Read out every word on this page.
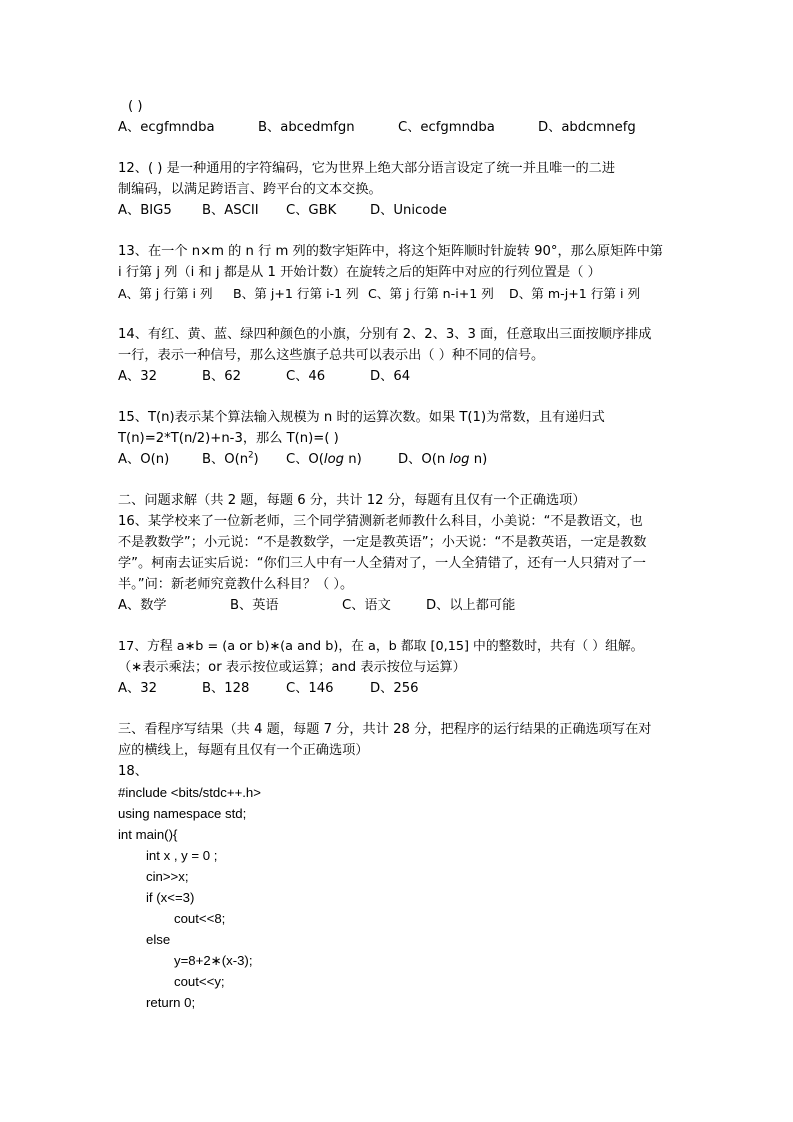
( )
A、ecgfmndba	B、abcedmfgn	C、ecfgmndba	D、abdcmnefg
12、( ) 是一种通用的字符编码，它为世界上绝大部分语言设定了统一并且唯一的二进
制编码，以满足跨语言、跨平台的文本交换。
A、BIG5	B、ASCII	C、GBK	D、Unicode
13、在一个 n×m 的 n 行 m 列的数字矩阵中，将这个矩阵顺时针旋转 90°，那么原矩阵中第
i 行第 j 列（i 和 j 都是从 1 开始计数）在旋转之后的矩阵中对应的行列位置是（ ）
A、第 j 行第 i 列	B、第 j+1 行第 i-1 列 C、第 j 行第 n-i+1 列	D、第 m-j+1 行第 i 列
14、有红、黄、蓝、绿四种颜色的小旗，分别有 2、2、3、3 面，任意取出三面按顺序排成
一行，表示一种信号，那么这些旗子总共可以表示出（ ）种不同的信号。
A、32	B、62	C、46	D、64
15、T(n)表示某个算法输入规模为 n 时的运算次数。如果 T(1)为常数，且有递归式
T(n)=2*T(n/2)+n-3，那么 T(n)=( )
A、O(n)	B、$O(n^2)$	C、O(log n)	D、O(n log n)
二、问题求解（共 2 题，每题 6 分，共计 12 分，每题有且仅有一个正确选项）
16、某学校来了一位新老师，三个同学猜测新老师教什么科目，小美说：“不是教语文，也
不是教数学”；小元说：“不是教数学，一定是教英语”；小天说：“不是教英语，一定是教数
学”。柯南去证实后说：“你们三人中有一人全猜对了，一人全猜错了，还有一人只猜对了一
半。”问：新老师究竟教什么科目？（ ）。
A、数学	B、英语	C、语文	D、以上都可能
17、方程 a∗b = (a or b)∗(a and b)，在 a，b 都取 [0,15] 中的整数时，共有（ ）组解。
（∗表示乘法；or 表示按位或运算；and 表示按位与运算）
A、32	B、128	C、146	D、256
三、看程序写结果（共 4 题，每题 7 分，共计 28 分，把程序的运行结果的正确选项写在对
应的横线上，每题有且仅有一个正确选项）
18、
#include <bits/stdc++.h>
using namespace std;
int main(){
int x , y = 0 ;
cin>>x;
if (x<=3)
cout<<8;
else
y=8+2∗(x-3);
cout<<y;
return 0;
